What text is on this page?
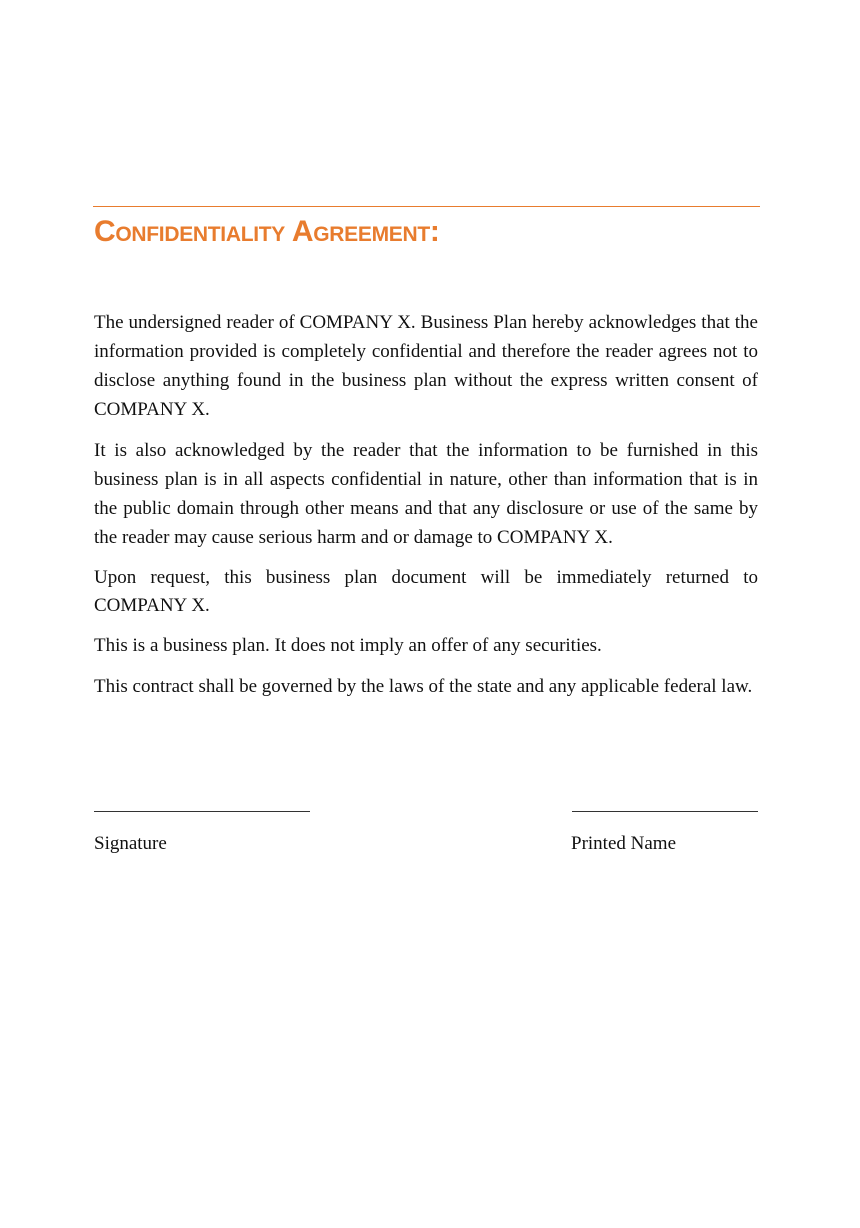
Confidentiality Agreement:

The undersigned reader of COMPANY X. Business Plan hereby acknowledges that the information provided is completely confidential and therefore the reader agrees not to disclose anything found in the business plan without the express written consent of COMPANY X.

It is also acknowledged by the reader that the information to be furnished in this business plan is in all aspects confidential in nature, other than information that is in the public domain through other means and that any disclosure or use of the same by the reader may cause serious harm and or damage to COMPANY X.

Upon request, this business plan document will be immediately returned to COMPANY X.

This is a business plan. It does not imply an offer of any securities.

This contract shall be governed by the laws of the state and any applicable federal law.

Signature	Printed Name
